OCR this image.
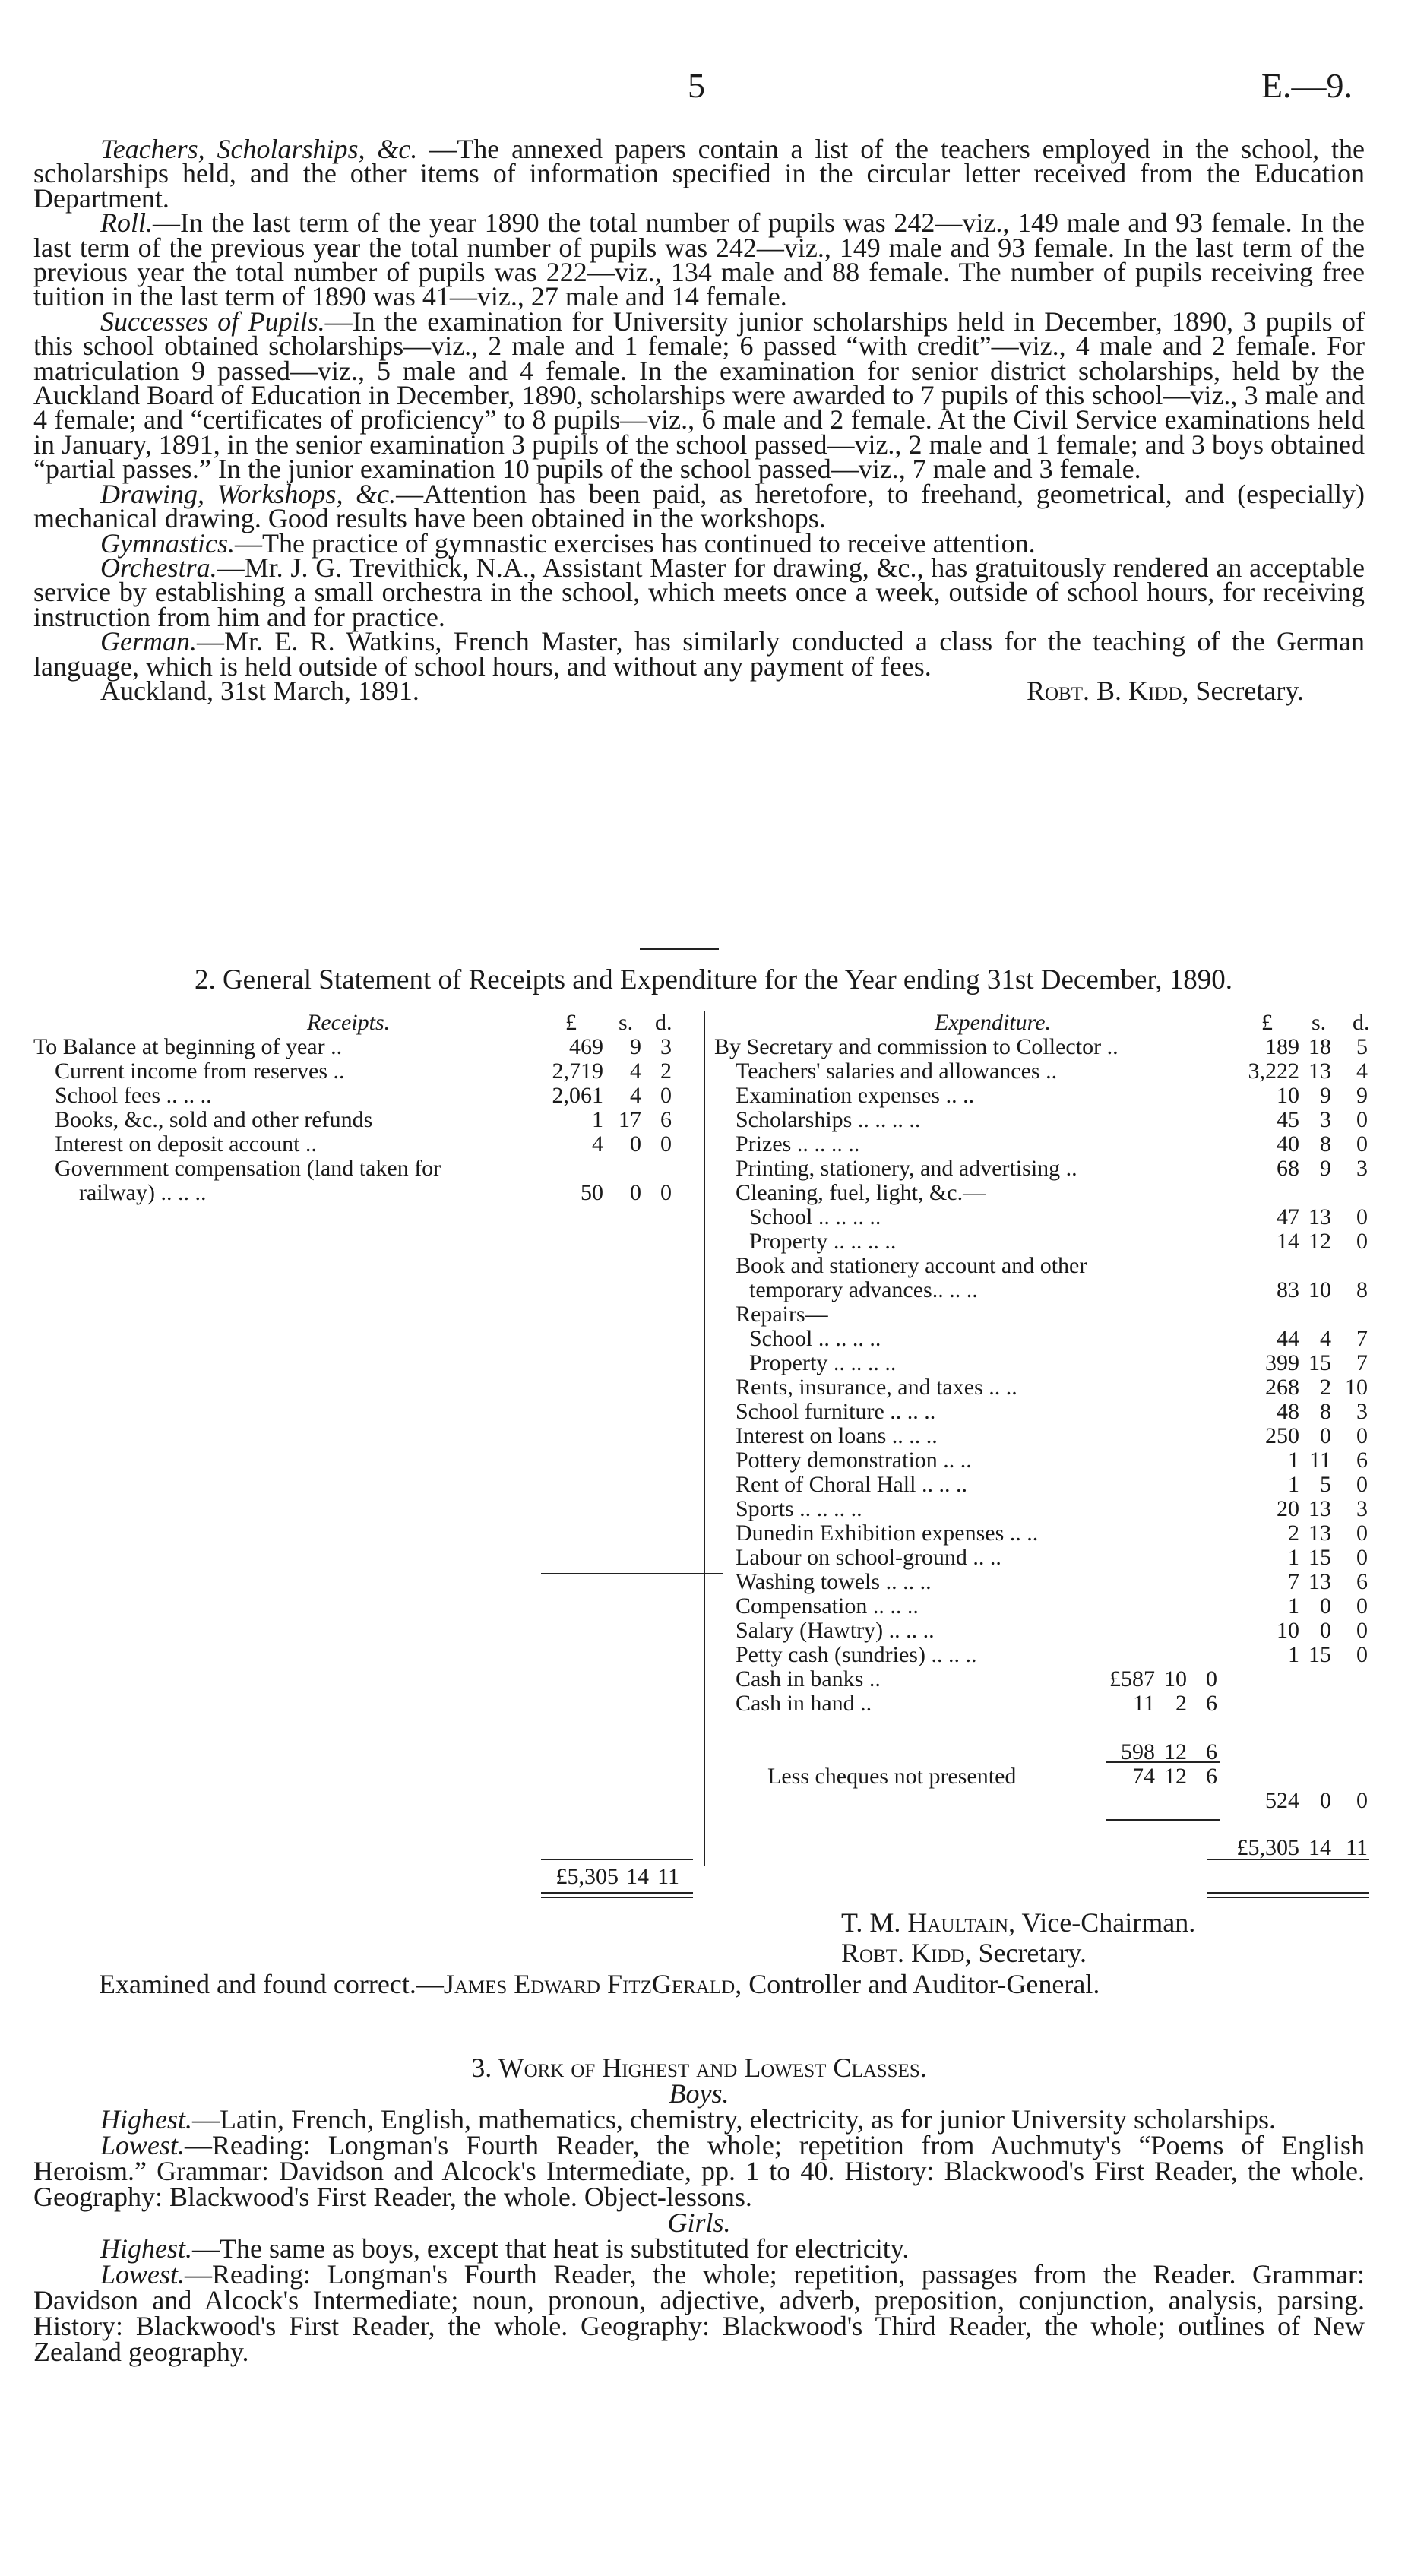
5	E.—9.

Teachers, Scholarships, &c. —The annexed papers contain a list of the teachers employed in the school, the scholarships held, and the other items of information specified in the circular letter received from the Education Department.

Roll.—In the last term of the year 1890 the total number of pupils was 242—viz., 149 male and 93 female. In the last term of the previous year the total number of pupils was 242—viz., 149 male and 93 female. In the last term of the previous year the total number of pupils was 222—viz., 134 male and 88 female. The number of pupils receiving free tuition in the last term of 1890 was 41—viz., 27 male and 14 female.

Successes of Pupils.—In the examination for University junior scholarships held in December, 1890, 3 pupils of this school obtained scholarships—viz., 2 male and 1 female; 6 passed “with credit”—viz., 4 male and 2 female. For matriculation 9 passed—viz., 5 male and 4 female. In the examination for senior district scholarships, held by the Auckland Board of Education in December, 1890, scholarships were awarded to 7 pupils of this school—viz., 3 male and 4 female; and “certificates of proficiency” to 8 pupils—viz., 6 male and 2 female. At the Civil Service examinations held in January, 1891, in the senior examination 3 pupils of the school passed—viz., 2 male and 1 female; and 3 boys obtained “partial passes.” In the junior examination 10 pupils of the school passed—viz., 7 male and 3 female.

Drawing, Workshops, &c.—Attention has been paid, as heretofore, to freehand, geometrical, and (especially) mechanical drawing. Good results have been obtained in the workshops.

Gymnastics.—The practice of gymnastic exercises has continued to receive attention.

Orchestra.—Mr. J. G. Trevithick, N.A., Assistant Master for drawing, &c., has gratuitously rendered an acceptable service by establishing a small orchestra in the school, which meets once a week, outside of school hours, for receiving instruction from him and for practice.

German.—Mr. E. R. Watkins, French Master, has similarly conducted a class for the teaching of the German language, which is held outside of school hours, and without any payment of fees.

Auckland, 31st March, 1891.	Robt. B. Kidd, Secretary.
2. General Statement of Receipts and Expenditure for the Year ending 31st December, 1890.
Receipts.	£ s. d.
To Balance at beginning of year ..	469	9 3
Current income from reserves ..	2,719	4 2
School fees .. .. ..	2,061	4 0
Books, &c., sold and other refunds	1 17 6
Interest on deposit account ..	4	0 0
Government compensation (land taken for
railway) .. .. ..	50	0 0
£5,305 14 11
Expenditure.	£ s. d.
By Secretary and commission to Collector ..	189 18	5
Teachers' salaries and allowances ..	3,222 13	4
Examination expenses .. ..	10 9	9
Scholarships .. .. .. ..	45 3	0
Prizes .. .. .. ..	40 8	0
Printing, stationery, and advertising ..	68 9	3
Cleaning, fuel, light, &c.—
School .. .. .. ..	47 13	0
Property .. .. .. ..	14 12	0
Book and stationery account and other
temporary advances.. .. ..	83 10	8
Repairs—
School .. .. .. ..	44 4	7
Property .. .. .. ..	399 15	7
Rents, insurance, and taxes .. ..	268 2 10
School furniture .. .. ..	48 8	3
Interest on loans .. .. ..	250 0	0
Pottery demonstration .. ..	1 11	6
Rent of Choral Hall .. .. ..	1 5	0
Sports .. .. .. ..	20 13	3
Dunedin Exhibition expenses .. ..	2 13	0
Labour on school-ground .. ..	1 15	0
Washing towels .. .. ..	7 13	6
Compensation .. .. ..	1 0	0
Salary (Hawtry) .. .. ..	10 0	0
Petty cash (sundries) .. .. ..	1 15	0
Cash in banks ..	£587 10 0
Cash in hand ..	11 2 6
598 12 6
Less cheques not presented	74 12 6
524 0	0
£5,305 14 11
T. M. Haultain, Vice-Chairman.
Robt. Kidd, Secretary.
Examined and found correct.—James Edward FitzGerald, Controller and Auditor-General.

3. Work of Highest and Lowest Classes.

Boys.

Highest.—Latin, French, English, mathematics, chemistry, electricity, as for junior University scholarships.

Lowest.—Reading: Longman's Fourth Reader, the whole; repetition from Auchmuty's “Poems of English Heroism.” Grammar: Davidson and Alcock's Intermediate, pp. 1 to 40. History: Blackwood's First Reader, the whole. Geography: Blackwood's First Reader, the whole. Object-lessons.

Girls.

Highest.—The same as boys, except that heat is substituted for electricity.

Lowest.—Reading: Longman's Fourth Reader, the whole; repetition, passages from the Reader. Grammar: Davidson and Alcock's Intermediate; noun, pronoun, adjective, adverb, preposition, conjunction, analysis, parsing. History: Blackwood's First Reader, the whole. Geography: Blackwood's Third Reader, the whole; outlines of New Zealand geography.
